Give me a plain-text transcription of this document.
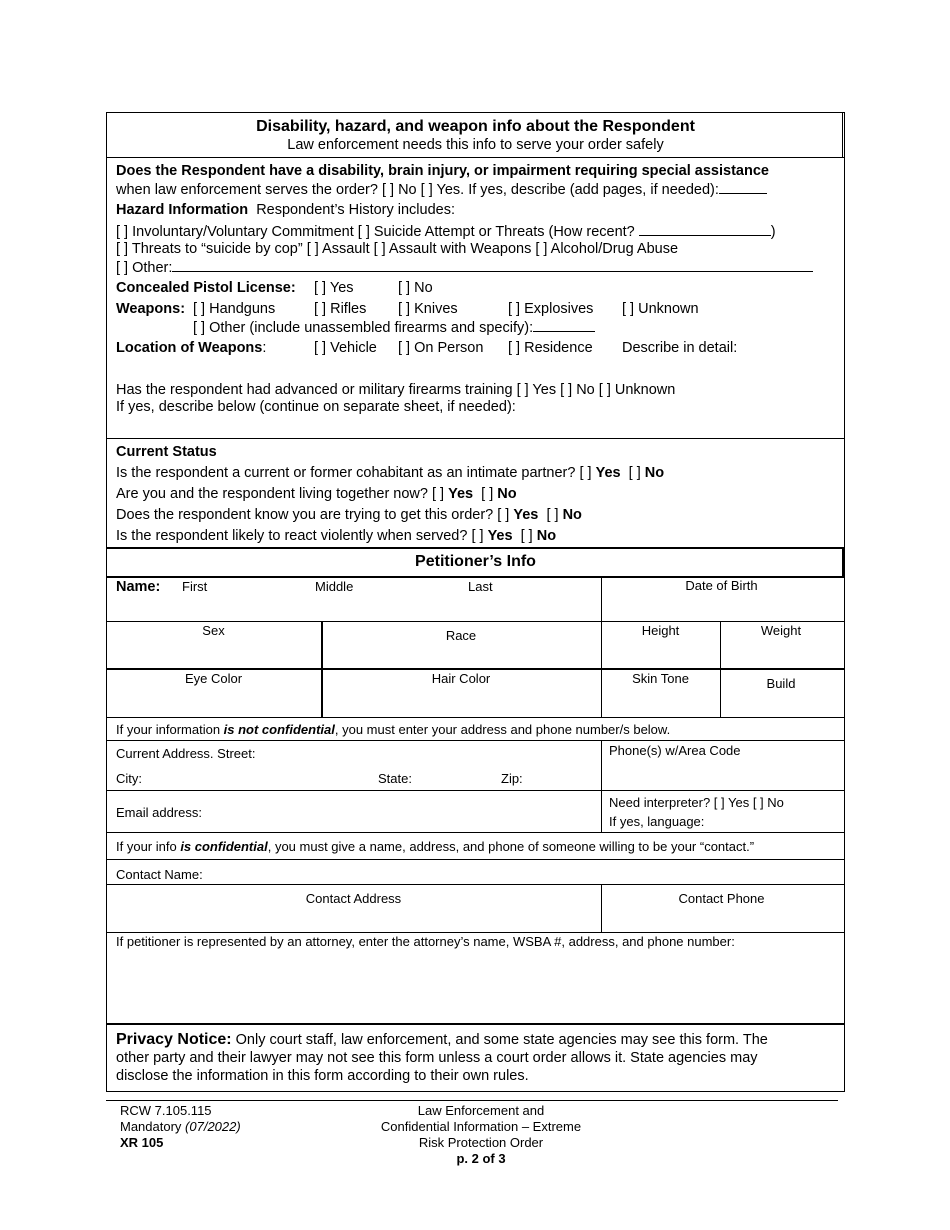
Disability, hazard, and weapon info about the Respondent
Law enforcement needs this info to serve your order safely
Does the Respondent have a disability, brain injury, or impairment requiring special assistance
when law enforcement serves the order? [ ] No [ ] Yes. If yes, describe (add pages, if needed):
Hazard Information Respondent’s History includes:
[ ] Involuntary/Voluntary Commitment [ ] Suicide Attempt or Threats (How recent?	)
[ ] Threats to “suicide by cop” [ ] Assault [ ] Assault with Weapons [ ] Alcohol/Drug Abuse
[ ] Other:
Concealed Pistol License: [ ] Yes	[ ] No
Weapons: [ ] Handguns	[ ] Rifles [ ] Knives	[ ] Explosives [ ] Unknown
[ ] Other (include unassembled firearms and specify):
Location of Weapons:	[ ] Vehicle [ ] On Person [ ] Residence Describe in detail:
Has the respondent had advanced or military firearms training [ ] Yes [ ] No [ ] Unknown
If yes, describe below (continue on separate sheet, if needed):
Current Status
Is the respondent a current or former cohabitant as an intimate partner? [ ] Yes [ ] No
Are you and the respondent living together now? [ ] Yes [ ] No
Does the respondent know you are trying to get this order? [ ] Yes [ ] No
Is the respondent likely to react violently when served? [ ] Yes [ ] No
Petitioner’s Info
Name: First	Middle	Last	Date of Birth
Sex	Race	Height	Weight
Eye Color	Hair Color	Skin Tone	Build
If your information is not confidential, you must enter your address and phone number/s below.
Current Address. Street:
City:	State:	Zip:
Phone(s) w/Area Code
Email address:
Need interpreter? [ ] Yes [ ] No
If yes, language:
If your info is confidential, you must give a name, address, and phone of someone willing to be your “contact.”
Contact Name:
Contact Address	Contact Phone
If petitioner is represented by an attorney, enter the attorney’s name, WSBA #, address, and phone number:
Privacy Notice: Only court staff, law enforcement, and some state agencies may see this form. The
other party and their lawyer may not see this form unless a court order allows it. State agencies may
disclose the information in this form according to their own rules.
RCW 7.105.115
Mandatory (07/2022)
XR 105
Law Enforcement and
Confidential Information – Extreme
Risk Protection Order
p. 2 of 3
